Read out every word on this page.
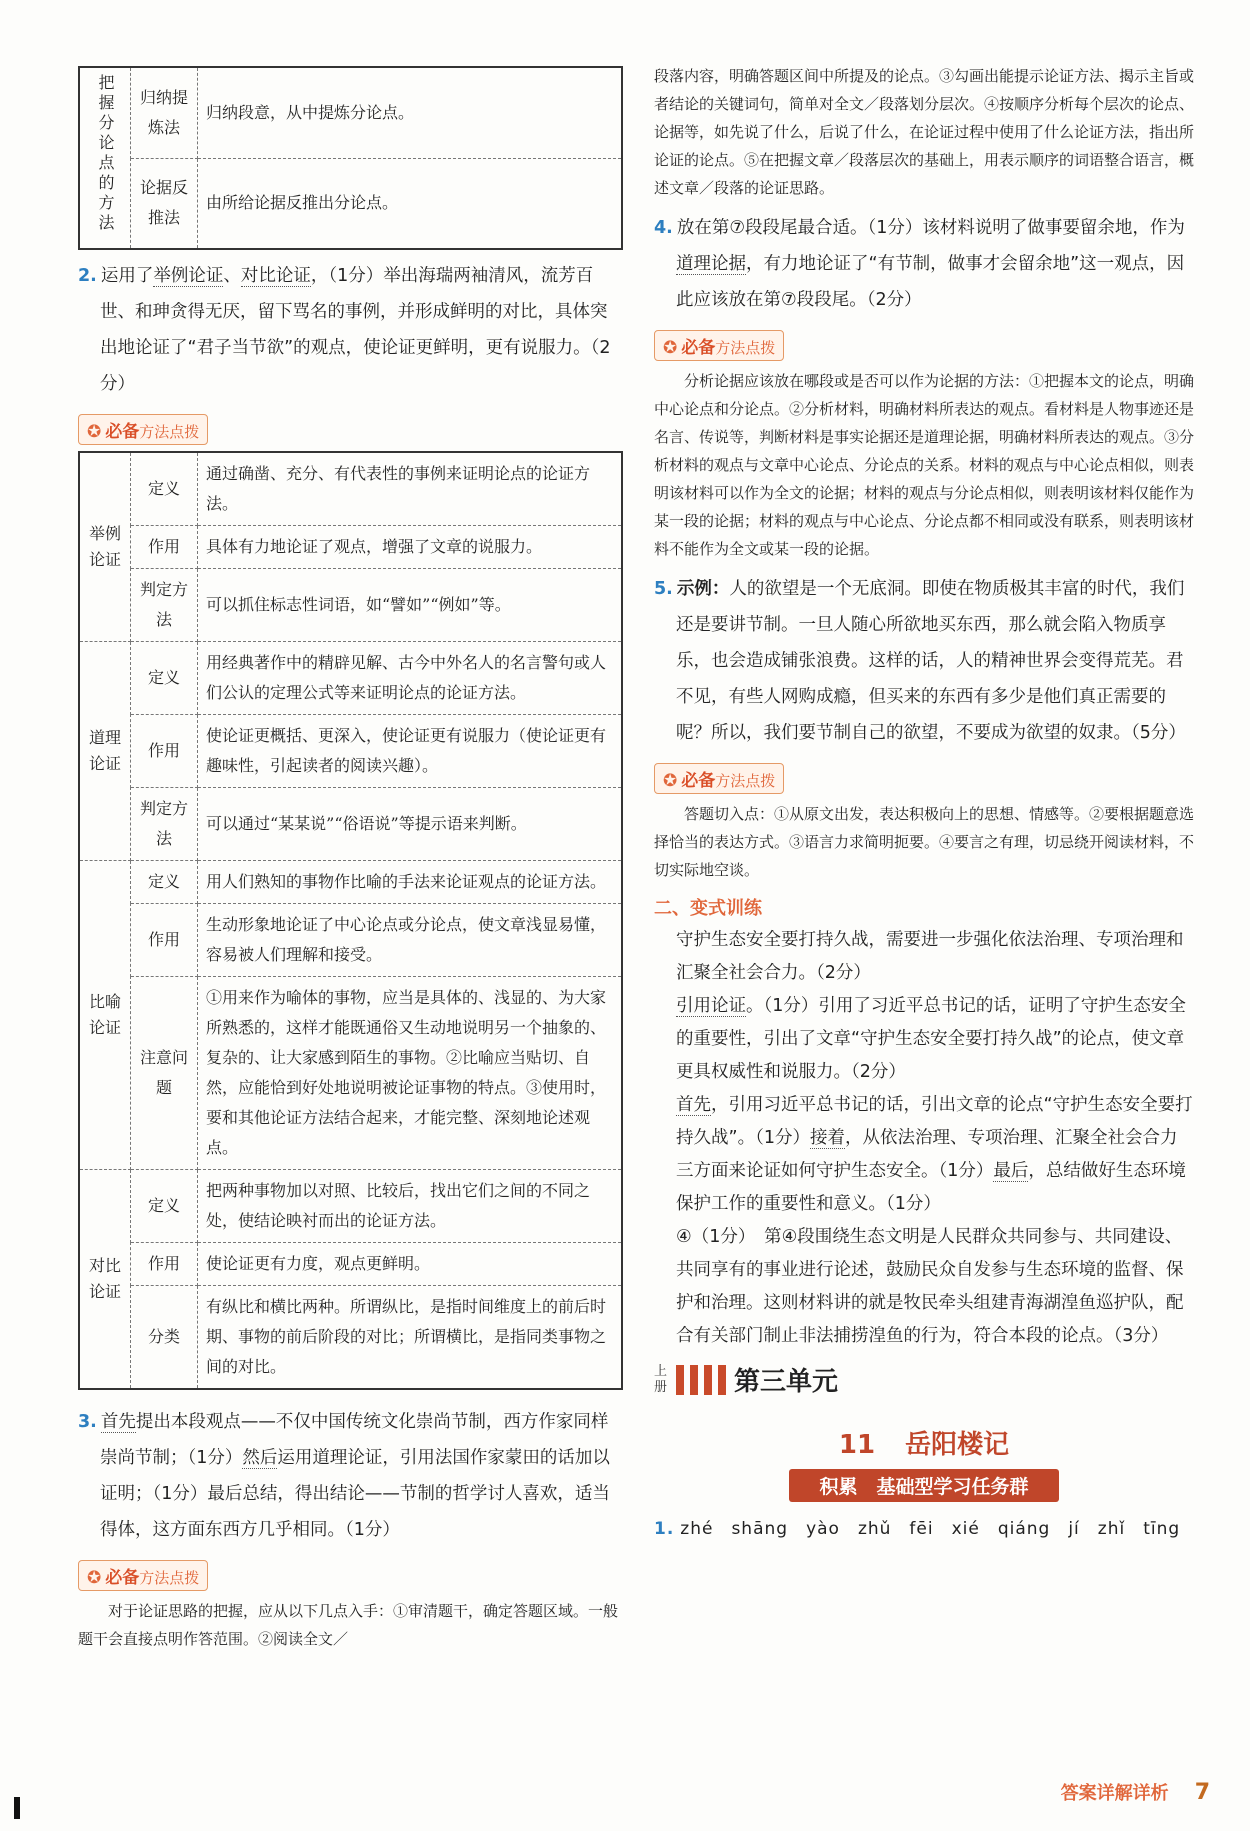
把握分论点的方法	归纳提炼法	归纳段意，从中提炼分论点。
	论据反推法	由所给论据反推出分论点。
2. 运用了举例论证、对比论证，（1分）举出海瑞两袖清风，流芳百世、和珅贪得无厌，留下骂名的事例，并形成鲜明的对比，具体突出地论证了“君子当节欲”的观点，使论证更鲜明，更有说服力。（2分）
✪ 必备方法点拨
举例论证	定义	通过确凿、充分、有代表性的事例来证明论点的论证方法。
	作用	具体有力地论证了观点，增强了文章的说服力。
	判定方法	可以抓住标志性词语，如“譬如”“例如”等。
道理论证	定义	用经典著作中的精辟见解、古今中外名人的名言警句或人们公认的定理公式等来证明论点的论证方法。
	作用	使论证更概括、更深入，使论证更有说服力（使论证更有趣味性，引起读者的阅读兴趣）。
	判定方法	可以通过“某某说”“俗语说”等提示语来判断。
比喻论证	定义	用人们熟知的事物作比喻的手法来论证观点的论证方法。
	作用	生动形象地论证了中心论点或分论点，使文章浅显易懂，容易被人们理解和接受。
	注意问题	①用来作为喻体的事物，应当是具体的、浅显的、为大家所熟悉的，这样才能既通俗又生动地说明另一个抽象的、复杂的、让大家感到陌生的事物。②比喻应当贴切、自然，应能恰到好处地说明被论证事物的特点。③使用时，要和其他论证方法结合起来，才能完整、深刻地论述观点。
对比论证	定义	把两种事物加以对照、比较后，找出它们之间的不同之处，使结论映衬而出的论证方法。
	作用	使论证更有力度，观点更鲜明。
	分类	有纵比和横比两种。所谓纵比，是指时间维度上的前后时期、事物的前后阶段的对比；所谓横比，是指同类事物之间的对比。
3. 首先提出本段观点——不仅中国传统文化崇尚节制，西方作家同样崇尚节制；（1分）然后运用道理论证，引用法国作家蒙田的话加以证明；（1分）最后总结，得出结论——节制的哲学讨人喜欢，适当得体，这方面东西方几乎相同。（1分）
✪ 必备方法点拨
对于论证思路的把握，应从以下几点入手：①审清题干，确定答题区域。一般题干会直接点明作答范围。②阅读全文／
段落内容，明确答题区间中所提及的论点。③勾画出能提示论证方法、揭示主旨或者结论的关键词句，简单对全文／段落划分层次。④按顺序分析每个层次的论点、论据等，如先说了什么，后说了什么，在论证过程中使用了什么论证方法，指出所论证的论点。⑤在把握文章／段落层次的基础上，用表示顺序的词语整合语言，概述文章／段落的论证思路。
4. 放在第⑦段段尾最合适。（1分）该材料说明了做事要留余地，作为道理论据，有力地论证了“有节制，做事才会留余地”这一观点，因此应该放在第⑦段段尾。（2分）
✪ 必备方法点拨
分析论据应该放在哪段或是否可以作为论据的方法：①把握本文的论点，明确中心论点和分论点。②分析材料，明确材料所表达的观点。看材料是人物事迹还是名言、传说等，判断材料是事实论据还是道理论据，明确材料所表达的观点。③分析材料的观点与文章中心论点、分论点的关系。材料的观点与中心论点相似，则表明该材料可以作为全文的论据；材料的观点与分论点相似，则表明该材料仅能作为某一段的论据；材料的观点与中心论点、分论点都不相同或没有联系，则表明该材料不能作为全文或某一段的论据。
5. 示例：人的欲望是一个无底洞。即使在物质极其丰富的时代，我们还是要讲节制。一旦人随心所欲地买东西，那么就会陷入物质享乐，也会造成铺张浪费。这样的话，人的精神世界会变得荒芜。君不见，有些人网购成瘾，但买来的东西有多少是他们真正需要的呢？所以，我们要节制自己的欲望，不要成为欲望的奴隶。（5分）
✪ 必备方法点拨
答题切入点：①从原文出发，表达积极向上的思想、情感等。②要根据题意选择恰当的表达方式。③语言力求简明扼要。④要言之有理，切忌绕开阅读材料，不切实际地空谈。
二、变式训练
守护生态安全要打持久战，需要进一步强化依法治理、专项治理和汇聚全社会合力。（2分）
引用论证。（1分）引用了习近平总书记的话，证明了守护生态安全的重要性，引出了文章“守护生态安全要打持久战”的论点，使文章更具权威性和说服力。（2分）
首先，引用习近平总书记的话，引出文章的论点“守护生态安全要打持久战”。（1分）接着，从依法治理、专项治理、汇聚全社会合力三方面来论证如何守护生态安全。（1分）最后，总结做好生态环境保护工作的重要性和意义。（1分）
④（1分）　第④段围绕生态文明是人民群众共同参与、共同建设、共同享有的事业进行论述，鼓励民众自发参与生态环境的监督、保护和治理。这则材料讲的就是牧民牵头组建青海湖湟鱼巡护队，配合有关部门制止非法捕捞湟鱼的行为，符合本段的论点。（3分）
上册	第三单元
11 岳阳楼记
积累　基础型学习任务群
1. zhé　shāng　yào　zhǔ　fēi　xié　qiáng　jí　zhǐ　tīng
答案详解详析 7
